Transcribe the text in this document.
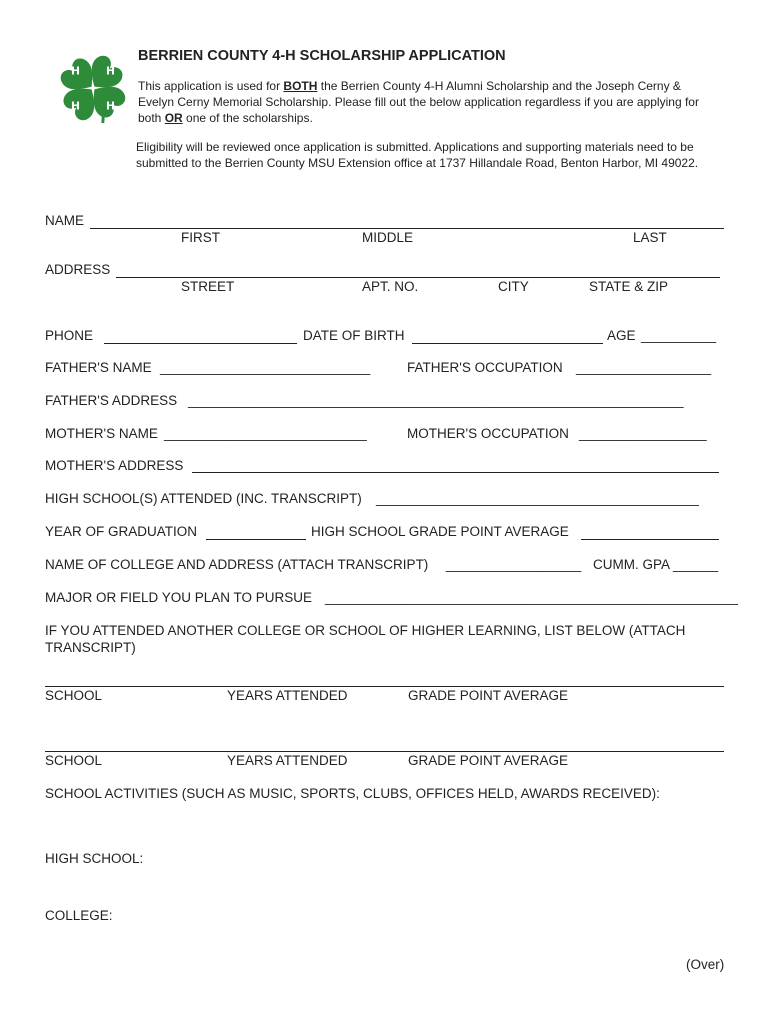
H H
H H
BERRIEN COUNTY 4-H SCHOLARSHIP APPLICATION
This application is used for BOTH the Berrien County 4-H Alumni Scholarship and the Joseph Cerny & Evelyn Cerny Memorial Scholarship. Please fill out the below application regardless if you are applying for both OR one of the scholarships.
Eligibility will be reviewed once application is submitted. Applications and supporting materials need to be submitted to the Berrien County MSU Extension office at 1737 Hillandale Road, Benton Harbor, MI 49022.
NAME
FIRST	MIDDLE	LAST
ADDRESS
STREET	APT. NO.	CITY	STATE & ZIP
PHONE	DATE OF BIRTH	AGE __________
FATHER'S NAME ____________________________	FATHER'S OCCUPATION __________________
FATHER'S ADDRESS __________________________________________________________________
MOTHER'S NAME ___________________________	MOTHER'S OCCUPATION _________________
MOTHER'S ADDRESS
HIGH SCHOOL(S) ATTENDED (INC. TRANSCRIPT) ___________________________________________
YEAR OF GRADUATION	HIGH SCHOOL GRADE POINT AVERAGE
NAME OF COLLEGE AND ADDRESS (ATTACH TRANSCRIPT) __________________ CUMM. GPA ______
MAJOR OR FIELD YOU PLAN TO PURSUE _______________________________________________________
IF YOU ATTENDED ANOTHER COLLEGE OR SCHOOL OF HIGHER LEARNING, LIST BELOW (ATTACH TRANSCRIPT)
SCHOOL	YEARS ATTENDED	GRADE POINT AVERAGE
SCHOOL	YEARS ATTENDED	GRADE POINT AVERAGE
SCHOOL ACTIVITIES (SUCH AS MUSIC, SPORTS, CLUBS, OFFICES HELD, AWARDS RECEIVED):
HIGH SCHOOL:
COLLEGE:
(Over)
